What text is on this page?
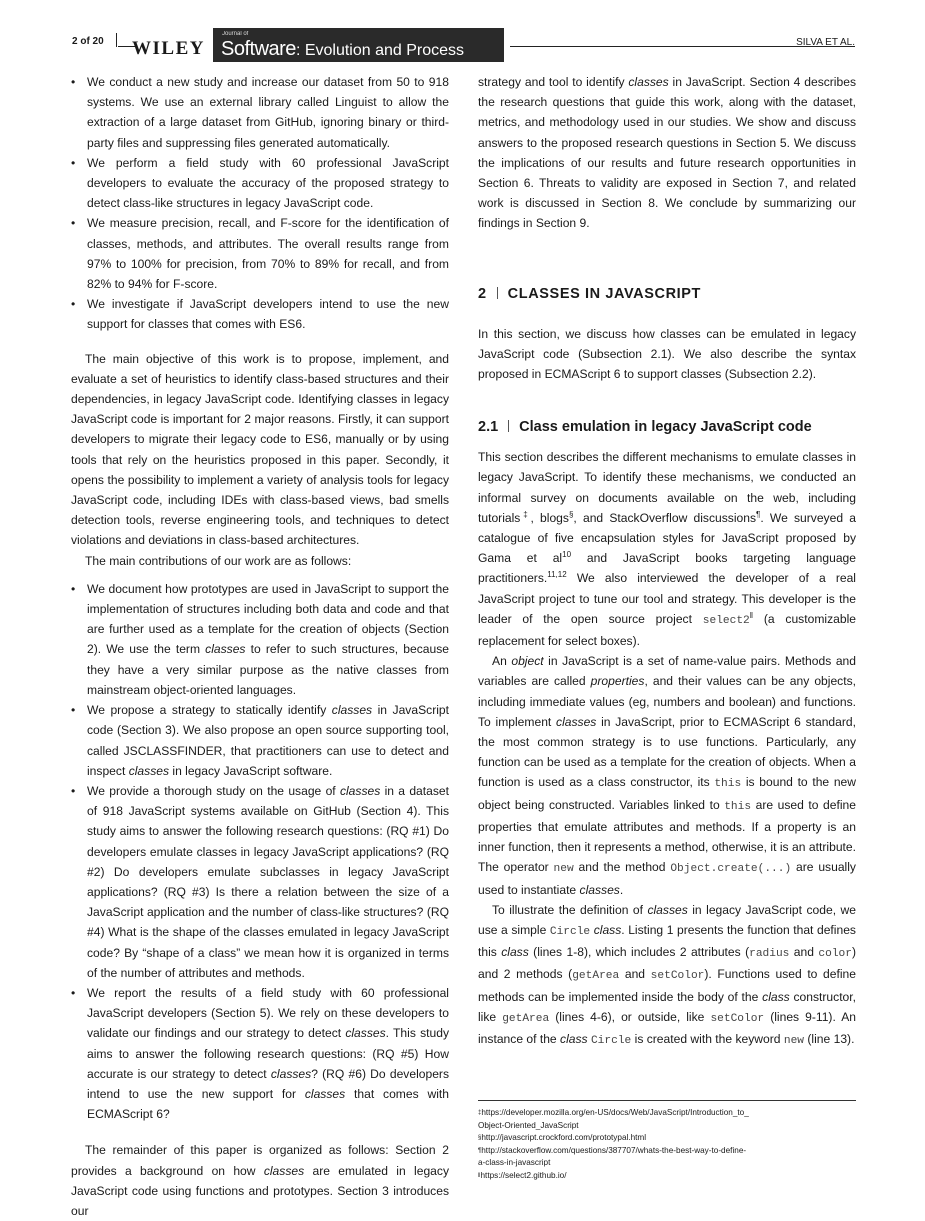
2 of 20 WILEY
Journal of
Software: Evolution and Process	SILVA ET AL.
• We conduct a new study and increase our dataset from 50 to 918 systems. We use an external library called Linguist to allow the extraction of a large dataset from GitHub, ignoring binary or third-party files and suppressing files generated automatically.
• We perform a field study with 60 professional JavaScript developers to evaluate the accuracy of the proposed strategy to detect class-like structures in legacy JavaScript code.
• We measure precision, recall, and F-score for the identification of classes, methods, and attributes. The overall results range from 97% to 100% for precision, from 70% to 89% for recall, and from 82% to 94% for F-score.
• We investigate if JavaScript developers intend to use the new support for classes that comes with ES6.

The main objective of this work is to propose, implement, and evaluate a set of heuristics to identify class-based structures and their dependencies, in legacy JavaScript code. Identifying classes in legacy JavaScript code is important for 2 major reasons. Firstly, it can support developers to migrate their legacy code to ES6, manually or by using tools that rely on the heuristics proposed in this paper. Secondly, it opens the possibility to implement a variety of analysis tools for legacy JavaScript code, including IDEs with class-based views, bad smells detection tools, reverse engineering tools, and techniques to detect violations and deviations in class-based architectures.

The main contributions of our work are as follows:

• We document how prototypes are used in JavaScript to support the implementation of structures including both data and code and that are further used as a template for the creation of objects (Section 2). We use the term classes to refer to such structures, because they have a very similar purpose as the native classes from mainstream object-oriented languages.
• We propose a strategy to statically identify classes in JavaScript code (Section 3). We also propose an open source supporting tool, called JSCLASSFINDER, that practitioners can use to detect and inspect classes in legacy JavaScript software.
• We provide a thorough study on the usage of classes in a dataset of 918 JavaScript systems available on GitHub (Section 4). This study aims to answer the following research questions: (RQ #1) Do developers emulate classes in legacy JavaScript applications? (RQ #2) Do developers emulate subclasses in legacy JavaScript applications? (RQ #3) Is there a relation between the size of a JavaScript application and the number of class-like structures? (RQ #4) What is the shape of the classes emulated in legacy JavaScript code? By “shape of a class” we mean how it is organized in terms of the number of attributes and methods.
• We report the results of a field study with 60 professional JavaScript developers (Section 5). We rely on these developers to validate our findings and our strategy to detect classes. This study aims to answer the following research questions: (RQ #5) How accurate is our strategy to detect classes? (RQ #6) Do developers intend to use the new support for classes that comes with ECMAScript 6?

The remainder of this paper is organized as follows: Section 2 provides a background on how classes are emulated in legacy JavaScript code using functions and prototypes. Section 3 introduces our

strategy and tool to identify classes in JavaScript. Section 4 describes the research questions that guide this work, along with the dataset, metrics, and methodology used in our studies. We show and discuss answers to the proposed research questions in Section 5. We discuss the implications of our results and future research opportunities in Section 6. Threats to validity are exposed in Section 7, and related work is discussed in Section 8. We conclude by summarizing our findings in Section 9.

2 CLASSES IN JAVASCRIPT

In this section, we discuss how classes can be emulated in legacy JavaScript code (Subsection 2.1). We also describe the syntax proposed in ECMAScript 6 to support classes (Subsection 2.2).

2.1 Class emulation in legacy JavaScript code

This section describes the different mechanisms to emulate classes in legacy JavaScript. To identify these mechanisms, we conducted an informal survey on documents available on the web, including tutorials‡, blogs§, and StackOverflow discussions¶. We surveyed a catalogue of five encapsulation styles for JavaScript proposed by Gama et $al^{10}$ and JavaScript books targeting language practitioners.$^{11,12}$ We also interviewed the developer of a real JavaScript project to tune our tool and strategy. This developer is the leader of the open source project select2‖ (a customizable replacement for select boxes).

An object in JavaScript is a set of name-value pairs. Methods and variables are called properties, and their values can be any objects, including immediate values (eg, numbers and boolean) and functions. To implement classes in JavaScript, prior to ECMAScript 6 standard, the most common strategy is to use functions. Particularly, any function can be used as a template for the creation of objects. When a function is used as a class constructor, its this is bound to the new object being constructed. Variables linked to this are used to define properties that emulate attributes and methods. If a property is an inner function, then it represents a method, otherwise, it is an attribute. The operator new and the method Object.create(...) are usually used to instantiate classes.

To illustrate the definition of classes in legacy JavaScript code, we use a simple Circle class. Listing 1 presents the function that defines this class (lines 1-8), which includes 2 attributes (radius and color) and 2 methods (getArea and setColor). Functions used to define methods can be implemented inside the body of the class constructor, like getArea (lines 4-6), or outside, like setColor (lines 9-11). An instance of the class Circle is created with the keyword new (line 13).

‡https://developer.mozilla.org/en-US/docs/Web/JavaScript/Introduction_to_
Object-Oriented_JavaScript
§http://javascript.crockford.com/prototypal.html
¶http://stackoverflow.com/questions/387707/whats-the-best-way-to-define-
a-class-in-javascript
‖https://select2.github.io/
